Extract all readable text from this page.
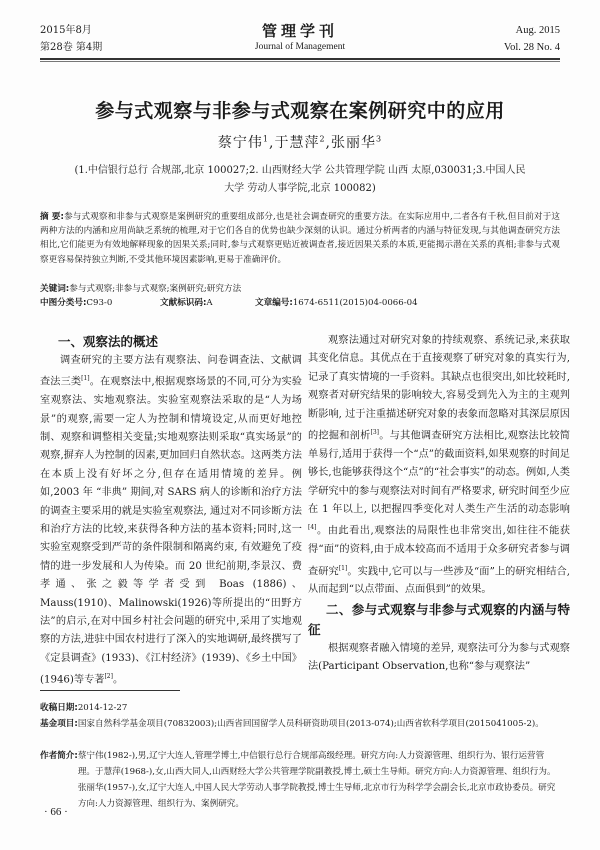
2015年8月
第28卷 第4期
管理学刊
Journal of Management
Aug. 2015
Vol. 28 No. 4
参与式观察与非参与式观察在案例研究中的应用
蔡宁伟$^1$,于慧萍$^2$,张丽华$^3$
(1.中信银行总行 合规部,北京 100027;2. 山西财经大学 公共管理学院 山西 太原,030031;3.中国人民
大学 劳动人事学院,北京 100082)
摘 要:参与式观察和非参与式观察是案例研究的重要组成部分,也是社会调查研究的重要方法。在实际应用中,二者各有千秋,但目前对于这两种方法的内涵和应用尚缺乏系统的梳理,对于它们各自的优势也缺少深刻的认识。通过分析两者的内涵与特征发现,与其他调查研究方法相比,它们能更为有效地解释现象的因果关系;同时,参与式观察更贴近被调查者,接近因果关系的本质,更能揭示潜在关系的真相;非参与式观察更容易保持独立判断,不受其他环境因素影响,更易于准确评价。
关键词:参与式观察;非参与式观察;案例研究;研究方法
中图分类号:C93-0	文献标识码:A	文章编号:1674-6511(2015)04-0066-04
一、观察法的概述

调查研究的主要方法有观察法、问卷调查法、文献调查法三类[1]。在观察法中,根据观察场景的不同,可分为实验室观察法、实地观察法。实验室观察法采取的是“人为场景”的观察,需要一定人为控制和情境设定,从而更好地控制、观察和调整相关变量;实地观察法则采取“真实场景”的观察,摒弃人为控制的因素,更加回归自然状态。这两类方法在本质上没有好坏之分,但存在适用情境的差异。例如,2003 年 “非典” 期间,对 SARS 病人的诊断和治疗方法的调查主要采用的就是实验室观察法, 通过对不同诊断方法和治疗方法的比较,来获得各种方法的基本资料;同时,这一实验室观察受到严苛的条件限制和隔离约束, 有效避免了疫情的进一步发展和人为传染。而 20 世纪前期,李景汉、费孝通、张之毅等学者受到 Boas (1886)、Mauss(1910)、Malinowski(1926)等所提出的“田野方法”的启示,在对中国乡村社会问题的研究中,采用了实地观察的方法,进驻中国农村进行了深入的实地调研,最终撰写了《定县调查》(1933)、《江村经济》(1939)、《乡土中国》(1946)等专著[2]。

观察法通过对研究对象的持续观察、系统记录,来获取其变化信息。其优点在于直接观察了研究对象的真实行为,记录了真实情境的一手资料。其缺点也很突出,如比较耗时,观察者对研究结果的影响较大,容易受到先入为主的主观判断影响, 过于注重描述研究对象的表象而忽略对其深层原因的挖掘和剖析[3]。与其他调查研究方法相比,观察法比较简单易行,适用于获得一个“点”的截面资料,如果观察的时间足够长,也能够获得这个“点”的“社会事实”的动态。例如,人类学研究中的参与观察法对时间有严格要求, 研究时间至少应在 1 年以上, 以把握四季变化对人类生产生活的动态影响[4]。由此看出,观察法的局限性也非常突出,如往往不能获得“面”的资料,由于成本较高而不适用于众多研究者参与调查研究[1]。实践中,它可以与一些涉及“面”上的研究相结合,从而起到“以点带面、点面俱到”的效果。

二、参与式观察与非参与式观察的内涵与特征

根据观察者融入情境的差异, 观察法可分为参与式观察法(Participant Observation,也称“参与观察法”

收稿日期: 2014-12-27
基金项目: 国家自然科学基金项目(70832003);山西省回国留学人员科研资助项目(2013-074);山西省软科学项目(2015041005-2)。
作者简介: 蔡宁伟(1982-),男,辽宁大连人,管理学博士,中信银行总行合规部高级经理。研究方向:人力资源管理、组织行为、银行运营管理。于慧萍(1968-),女,山西大同人,山西财经大学公共管理学院副教授,博士,硕士生导师。研究方向:人力资源管理、组织行为。张丽华(1957-),女,辽宁大连人,中国人民大学劳动人事学院教授,博士生导师,北京市行为科学学会副会长,北京市政协委员。研究方向:人力资源管理、组织行为、案例研究。
· 66 ·
